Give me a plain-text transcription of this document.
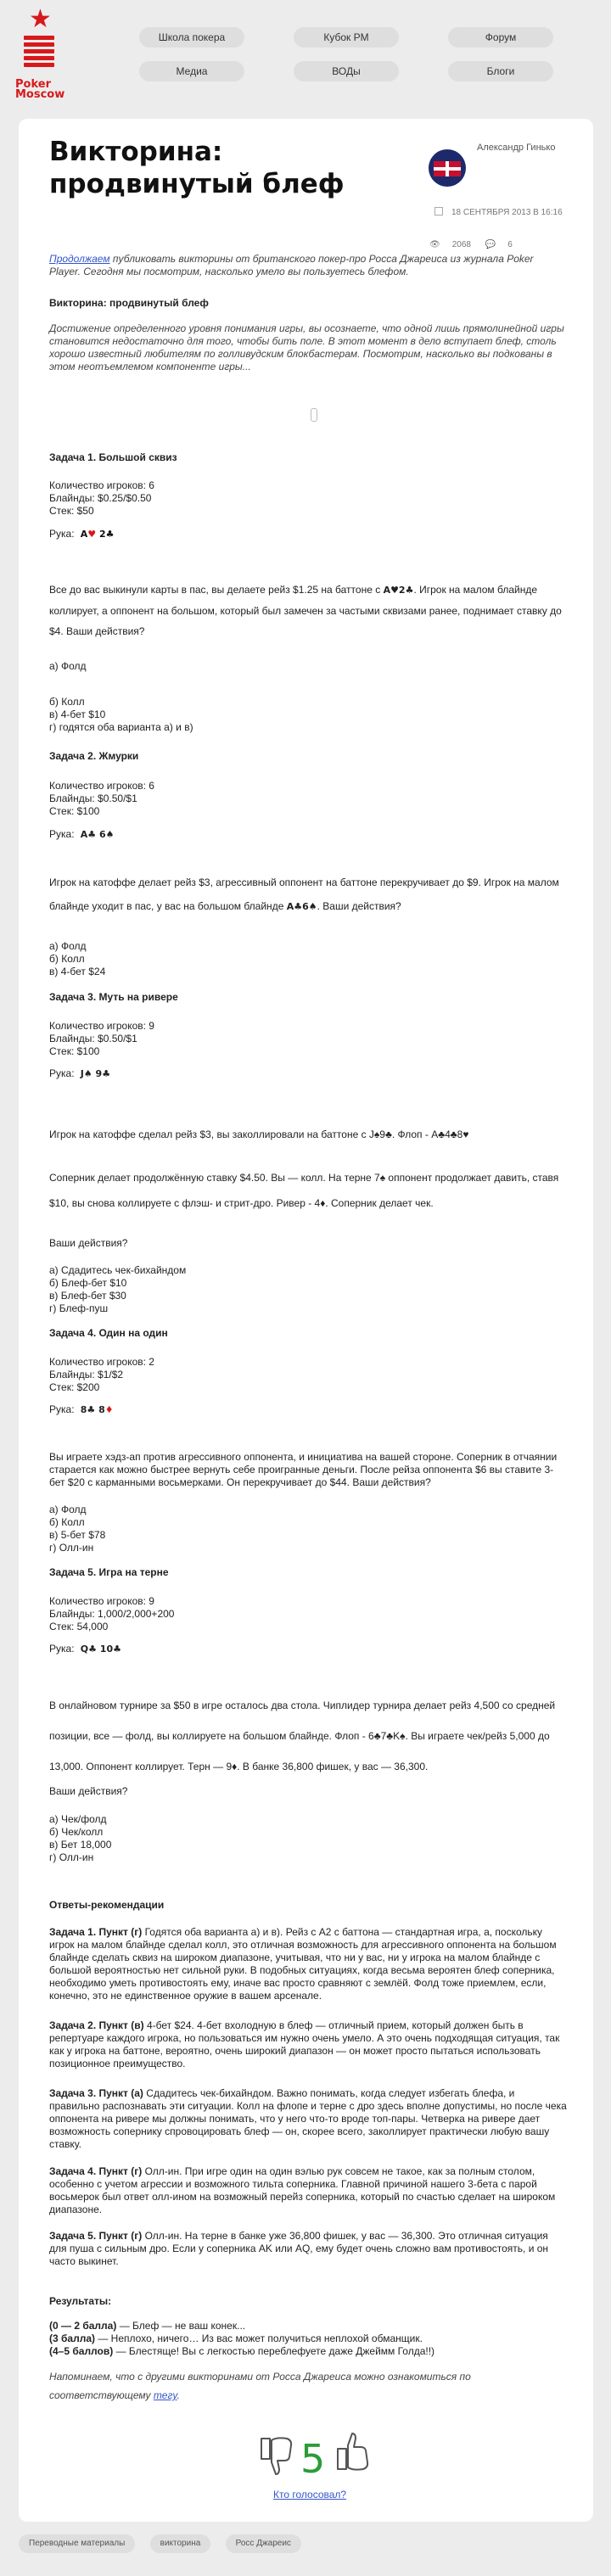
★
Poker Moscow
Школа покера	Кубок PM	Форум
Медиа	ВОДы	Блоги
Викторина: продвинутый блеф
Александр Гинько
18 СЕНТЯБРЯ 2013 В 16:16
👁 2068 💬 6
Продолжаем публиковать викторины от британского покер-про Росса Джареиса из журнала Poker Player. Сегодня мы посмотрим, насколько умело вы пользуетесь блефом.
Викторина: продвинутый блеф
Достижение определенного уровня понимания игры, вы осознаете, что одной лишь прямолинейной игры становится недостаточно для того, чтобы бить поле. В этот момент в дело вступает блеф, столь хорошо известный любителям по голливудским блокбастерам. Посмотрим, насколько вы подкованы в этом неотъемлемом компоненте игры...
Задача 1. Большой сквиз
Количество игроков: 6
Блайнды: $0.25/$0.50
Стек: $50
Рука: A♥ 2♣
Все до вас выкинули карты в пас, вы делаете рейз $1.25 на баттоне с A♥2♣. Игрок на малом блайнде коллирует, а оппонент на большом, который был замечен за частыми сквизами ранее, поднимает ставку до $4. Ваши действия?
а) Фолд
б) Колл
в) 4-бет $10
г) годятся оба варианта а) и в)
Задача 2. Жмурки
Количество игроков: 6
Блайнды: $0.50/$1
Стек: $100
Рука: A♣ 6♠
Игрок на катоффе делает рейз $3, агрессивный оппонент на баттоне перекручивает до $9. Игрок на малом блайнде уходит в пас, у вас на большом блайнде A♣6♠. Ваши действия?
а) Фолд
б) Колл
в) 4-бет $24
Задача 3. Муть на ривере
Количество игроков: 9
Блайнды: $0.50/$1
Стек: $100
Рука: J♠ 9♣
Игрок на катоффе сделал рейз $3, вы заколлировали на баттоне с J♠9♣. Флоп - A♣4♣8♥
Соперник делает продолжённую ставку $4.50. Вы — колл. На терне 7♠ оппонент продолжает давить, ставя $10, вы снова коллируете с флэш- и стрит-дро. Ривер - 4♦. Соперник делает чек.
Ваши действия?
а) Сдадитесь чек-бихайндом
б) Блеф-бет $10
в) Блеф-бет $30
г) Блеф-пуш
Задача 4. Один на один
Количество игроков: 2
Блайнды: $1/$2
Стек: $200
Рука: 8♣ 8♦
Вы играете хэдз-ап против агрессивного оппонента, и инициатива на вашей стороне. Соперник в отчаянии старается как можно быстрее вернуть себе проигранные деньги. После рейза оппонента $6 вы ставите 3-бет $20 с карманными восьмерками. Он перекручивает до $44. Ваши действия?
а) Фолд
б) Колл
в) 5-бет $78
г) Олл-ин
Задача 5. Игра на терне
Количество игроков: 9
Блайнды: 1,000/2,000+200
Стек: 54,000
Рука: Q♣ 10♣
В онлайновом турнире за $50 в игре осталось два стола. Чиплидер турнира делает рейз 4,500 со средней позиции, все — фолд, вы коллируете на большом блайнде. Флоп - 6♣7♣K♠. Вы играете чек/рейз 5,000 до 13,000. Оппонент коллирует. Терн — 9♦. В банке 36,800 фишек, у вас — 36,300.
Ваши действия?
а) Чек/фолд
б) Чек/колл
в) Бет 18,000
г) Олл-ин
Ответы-рекомендации
Задача 1. Пункт (г) Годятся оба варианта а) и в). Рейз с A2 с баттона — стандартная игра, а, поскольку игрок на малом блайнде сделал колл, это отличная возможность для агрессивного оппонента на большом блайнде сделать сквиз на широком диапазоне, учитывая, что ни у вас, ни у игрока на малом блайнде с большой вероятностью нет сильной руки. В подобных ситуациях, когда весьма вероятен блеф соперника, необходимо уметь противостоять ему, иначе вас просто сравняют с землёй. Фолд тоже приемлем, если, конечно, это не единственное оружие в вашем арсенале.
Задача 2. Пункт (в) 4-бет $24. 4-бет вхолодную в блеф — отличный прием, который должен быть в репертуаре каждого игрока, но пользоваться им нужно очень умело. А это очень подходящая ситуация, так как у игрока на баттоне, вероятно, очень широкий диапазон — он может просто пытаться использовать позиционное преимущество.
Задача 3. Пункт (а) Сдадитесь чек-бихайндом. Важно понимать, когда следует избегать блефа, и правильно распознавать эти ситуации. Колл на флопе и терне с дро здесь вполне допустимы, но после чека оппонента на ривере мы должны понимать, что у него что-то вроде топ-пары. Четверка на ривере дает возможность сопернику спровоцировать блеф — он, скорее всего, заколлирует практически любую вашу ставку.
Задача 4. Пункт (г) Олл-ин. При игре один на один вэлью рук совсем не такое, как за полным столом, особенно с учетом агрессии и возможного тильта соперника. Главной причиной нашего 3-бета с парой восьмерок был ответ олл-ином на возможный перейз соперника, который по счастью сделает на широком диапазоне.
Задача 5. Пункт (г) Олл-ин. На терне в банке уже 36,800 фишек, у вас — 36,300. Это отличная ситуация для пуша с сильным дро. Если у соперника AK или AQ, ему будет очень сложно вам противостоять, и он часто выкинет.
Результаты:
(0 — 2 балла) — Блеф — не ваш конек...
(3 балла) — Неплохо, ничего… Из вас может получиться неплохой обманщик.
(4–5 баллов) — Блестяще! Вы с легкостью переблефуете даже Джеймм Голда!!)
Напоминаем, что с другими викторинами от Росса Джареиса можно ознакомиться по соответствующему тегу.
5
Кто голосовал?
Переводные материалы	викторина	Росс Джареис
